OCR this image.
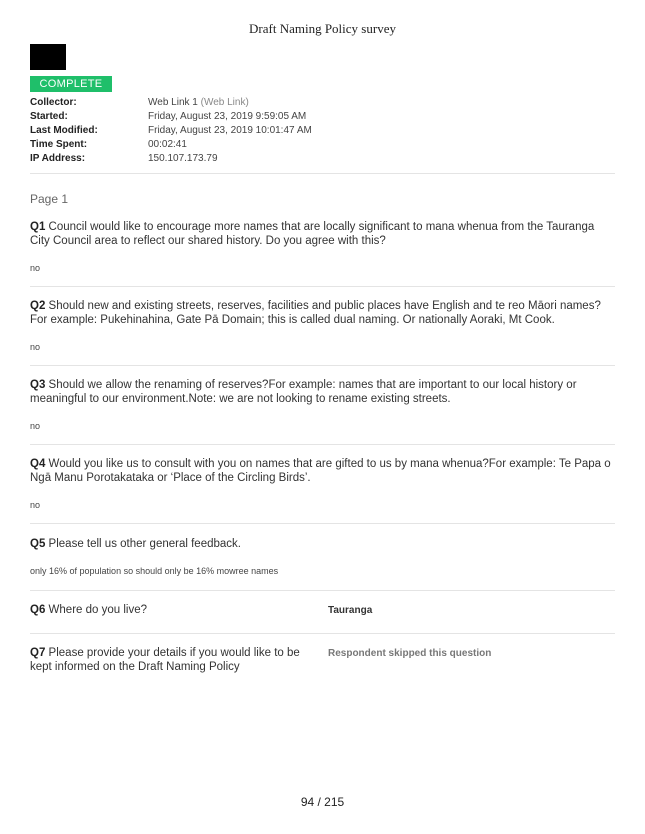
Draft Naming Policy survey
COMPLETE
Collector:	Web Link 1 (Web Link)
Started:	Friday, August 23, 2019 9:59:05 AM
Last Modified:	Friday, August 23, 2019 10:01:47 AM
Time Spent:	00:02:41
IP Address:	150.107.173.79
Page 1
Q1 Council would like to encourage more names that are locally significant to mana whenua from the Tauranga City Council area to reflect our shared history. Do you agree with this?
no
Q2 Should new and existing streets, reserves, facilities and public places have English and te reo Māori names?For example: Pukehinahina, Gate Pā Domain; this is called dual naming. Or nationally Aoraki, Mt Cook.
no
Q3 Should we allow the renaming of reserves?For example: names that are important to our local history or meaningful to our environment.Note: we are not looking to rename existing streets.
no
Q4 Would you like us to consult with you on names that are gifted to us by mana whenua?For example: Te Papa o Ngā Manu Porotakataka or ‘Place of the Circling Birds’.
no
Q5 Please tell us other general feedback.
only 16% of population so should only be 16% mowree names
Q6 Where do you live?	Tauranga
Q7 Please provide your details if you would like to be kept informed on the Draft Naming Policy
Respondent skipped this question
94 / 215
